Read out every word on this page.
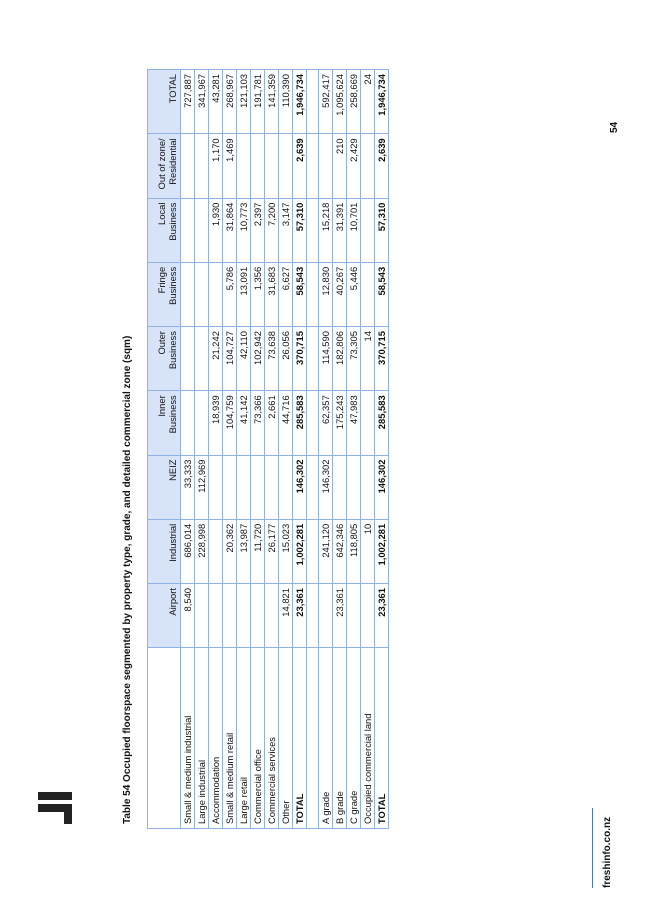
freshinfo.co.nz
54
Table 54 Occupied floorspace segmented by property type, grade, and detailed commercial zone (sqm)
		Airport	Industrial	NEIZ	Inner Business	Outer Business	Fringe Business	Local Business	Out of zone/ Residential	TOTAL
Small & medium industrial	8,540	686,014	33,333						727,887
Large industrial		228,998	112,969						341,967
Accommodation				18,939	21,242		1,930	1,170	43,281
Small & medium retail		20,362		104,759	104,727	5,786	31,864	1,469	268,967
Large retail		13,987		41,142	42,110	13,091	10,773		121,103
Commercial office		11,720		73,366	102,942	1,356	2,397		191,781
Commercial services		26,177		2,661	73,638	31,683	7,200		141,359
Other	14,821	15,023		44,716	26,056	6,627	3,147		110,390
TOTAL	23,361	1,002,281	146,302	285,583	370,715	58,543	57,310	2,639	1,946,734

A grade		241,120	146,302	62,357	114,590	12,830	15,218		592,417
B grade	23,361	642,346		175,243	182,806	40,267	31,391	210	1,095,624
C grade		118,805		47,983	73,305	5,446	10,701	2,429	258,669
Occupied commercial land		10			14				24
TOTAL	23,361	1,002,281	146,302	285,583	370,715	58,543	57,310	2,639	1,946,734
